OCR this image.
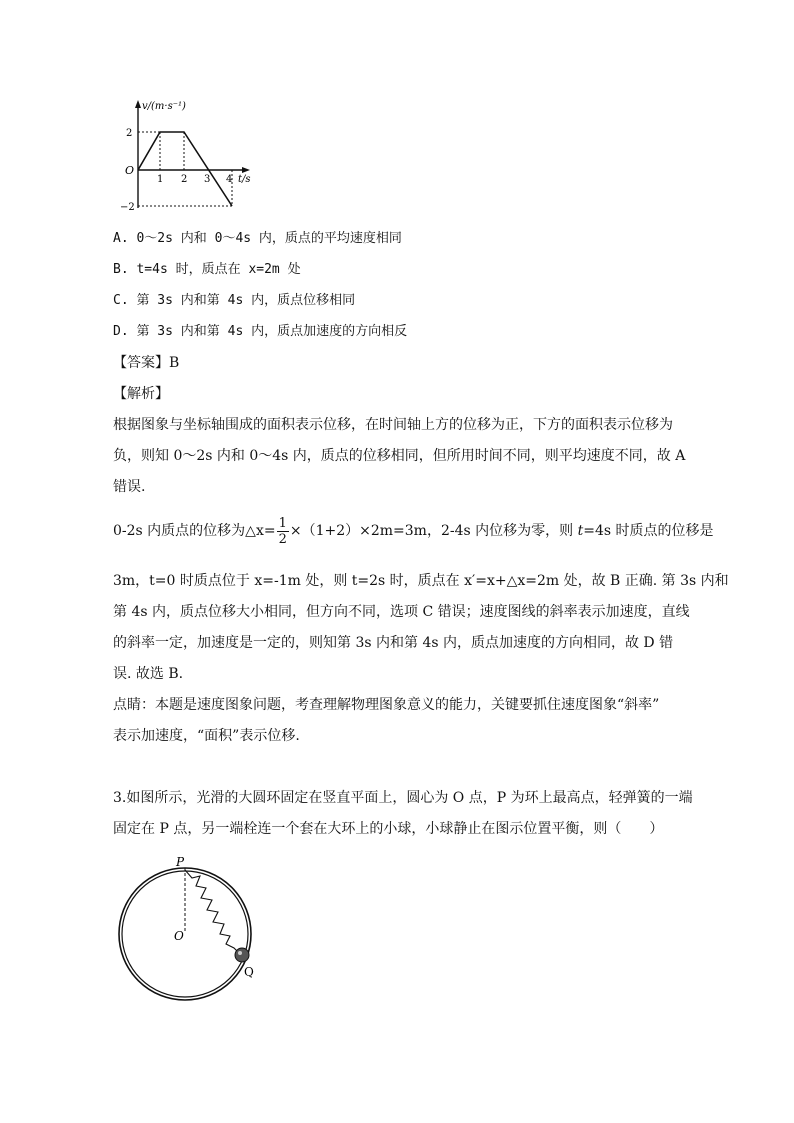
v/(m·s⁻¹)
t/s
O
2
−2
1 2 3 4
A. 0～2s 内和 0～4s 内，质点的平均速度相同
B. t=4s 时，质点在 x=2m 处
C. 第 3s 内和第 4s 内，质点位移相同
D. 第 3s 内和第 4s 内，质点加速度的方向相反
【答案】B
【解析】
根据图象与坐标轴围成的面积表示位移，在时间轴上方的位移为正，下方的面积表示位移为
负，则知 0～2s 内和 0～4s 内，质点的位移相同，但所用时间不同，则平均速度不同，故 A
错误.
0-2s 内质点的位移为△x= $\frac{1}{2} \times(1+2)\times 2m=3m$，2-4s 内位移为零，则 t=4s 时质点的位移是
3m，t=0 时质点位于 x=-1m 处，则 t=2s 时，质点在 x′=x+△x=2m 处，故 B 正确. 第 3s 内和
第 4s 内，质点位移大小相同，但方向不同，选项 C 错误；速度图线的斜率表示加速度，直线
的斜率一定，加速度是一定的，则知第 3s 内和第 4s 内，质点加速度的方向相同，故 D 错
误. 故选 B.
点睛：本题是速度图象问题，考查理解物理图象意义的能力，关键要抓住速度图象“斜率”
表示加速度，“面积”表示位移.
3.如图所示，光滑的大圆环固定在竖直平面上，圆心为 O 点，P 为环上最高点，轻弹簧的一端
固定在 P 点，另一端栓连一个套在大环上的小球，小球静止在图示位置平衡，则（　　）
P
O
Q
